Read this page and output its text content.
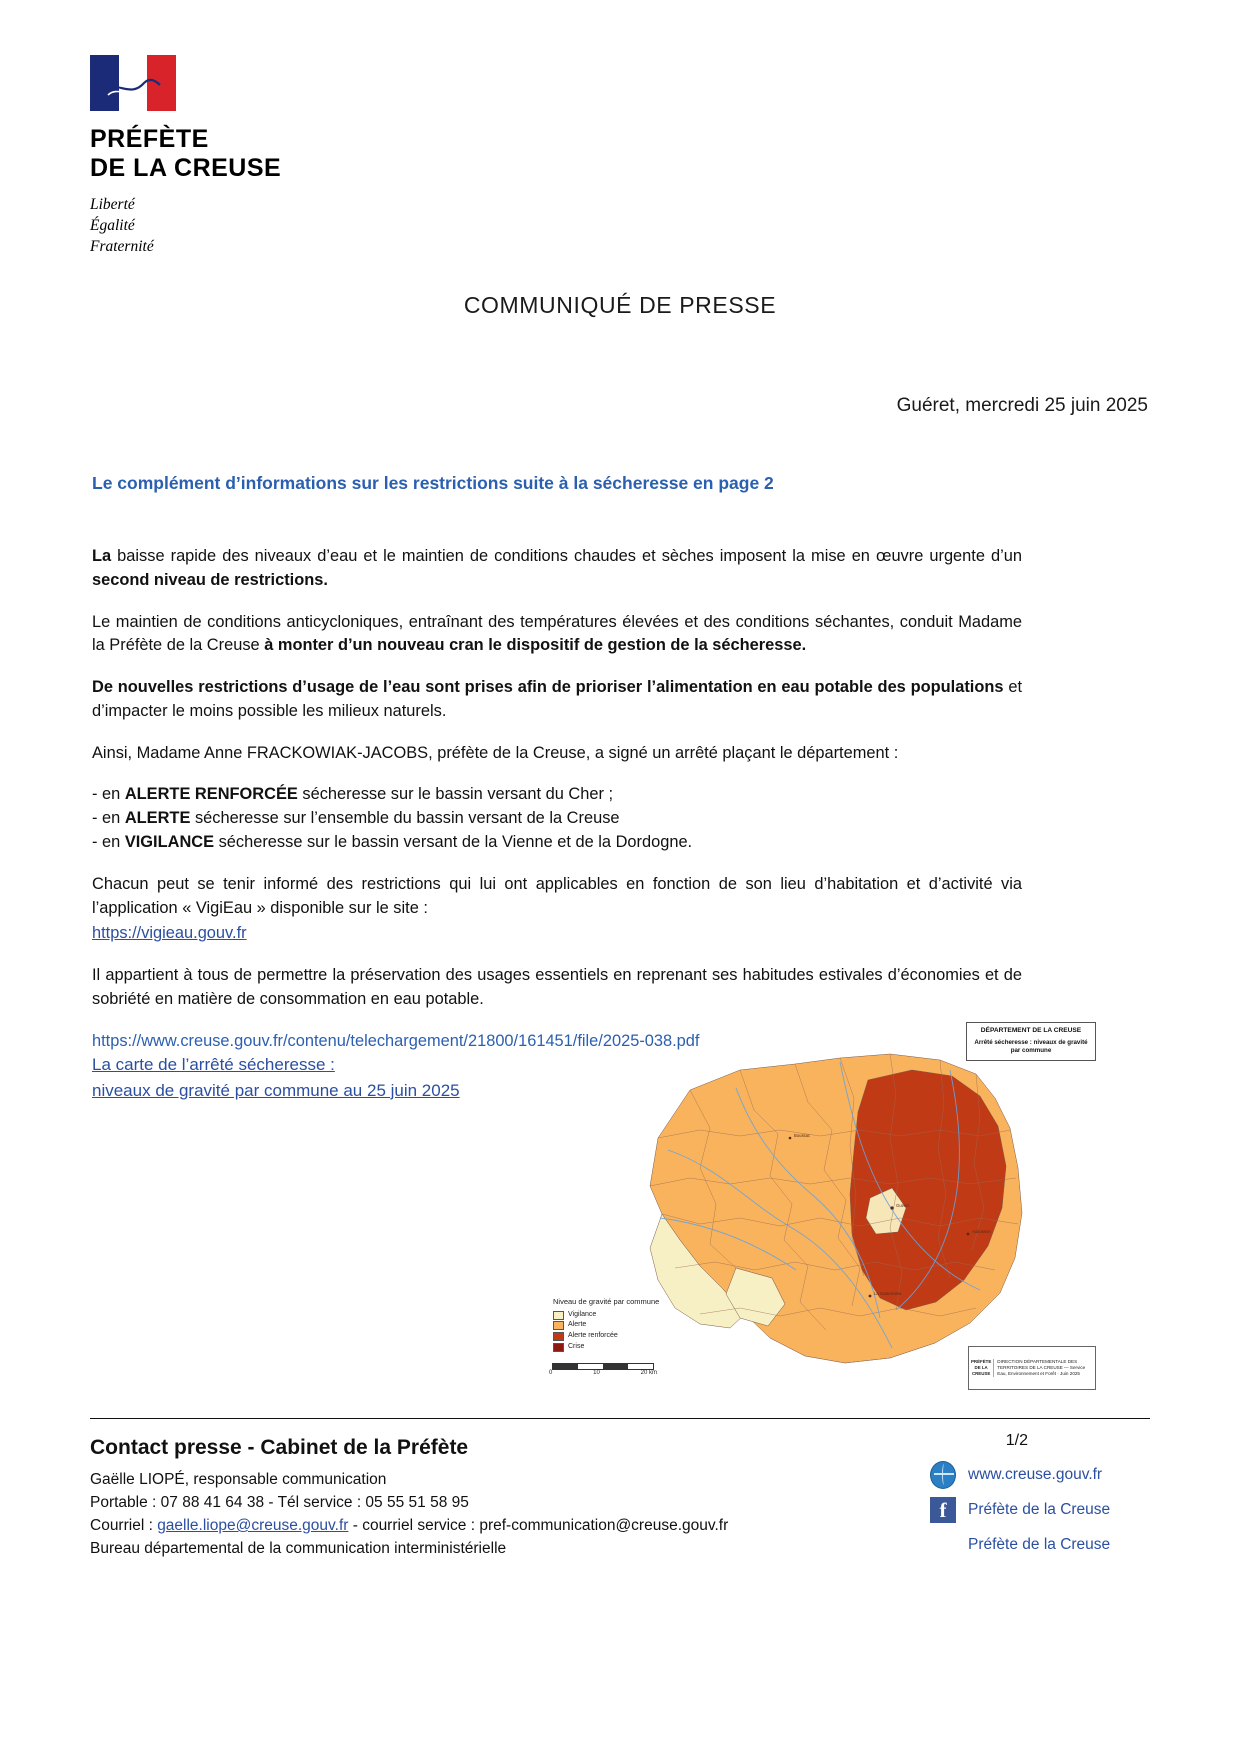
PRÉFÈTE
DE LA CREUSE
Liberté
Égalité
Fraternité
COMMUNIQUÉ DE PRESSE
Guéret, mercredi 25 juin 2025
Le complément d’informations sur les restrictions suite à la sécheresse en page 2

La baisse rapide des niveaux d’eau et le maintien de conditions chaudes et sèches imposent la mise en œuvre urgente d’un second niveau de restrictions.

Le maintien de conditions anticycloniques, entraînant des températures élevées et des conditions séchantes, conduit Madame la Préfète de la Creuse à monter d’un nouveau cran le dispositif de gestion de la sécheresse.

De nouvelles restrictions d’usage de l’eau sont prises afin de prioriser l’alimentation en eau potable des populations et d’impacter le moins possible les milieux naturels.

Ainsi, Madame Anne FRACKOWIAK-JACOBS, préfète de la Creuse, a signé un arrêté plaçant le département :

- en ALERTE RENFORCÉE sécheresse sur le bassin versant du Cher ;

- en ALERTE sécheresse sur l’ensemble du bassin versant de la Creuse

- en VIGILANCE sécheresse sur le bassin versant de la Vienne et de la Dordogne.

Chacun peut se tenir informé des restrictions qui lui ont applicables en fonction de son lieu d’habitation et d’activité via l’application « VigiEau » disponible sur le site :

https://vigieau.gouv.fr

Il appartient à tous de permettre la préservation des usages essentiels en reprenant ses habitudes estivales d’économies et de sobriété en matière de consommation en eau potable.

https://www.creuse.gouv.fr/contenu/telechargement/21800/161451/file/2025-038.pdf

La carte de l’arrêté sécheresse :
niveaux de gravité par commune au 25 juin 2025
Guéret
Aubusson
La Souterraine
Boussac
Niveau de gravité par commune
Vigilance
Alerte
Alerte renforcée
Crise
DÉPARTEMENT DE LA CREUSE
Arrêté sécheresse : niveaux de gravité par commune
0	10	20 km
PRÉFÈTE DE LA CREUSE
DIRECTION DÉPARTEMENTALE DES TERRITOIRES DE LA CREUSE — Service Eau, Environnement et Forêt · Juin 2025
Contact presse - Cabinet de la Préfète
Gaëlle LIOPÉ, responsable communication
Portable : 07 88 41 64 38 - Tél service : 05 55 51 58 95
Courriel : gaelle.liope@creuse.gouv.fr - courriel service : pref-communication@creuse.gouv.fr
Bureau départemental de la communication interministérielle
1/2
www.creuse.gouv.fr
f	Préfète de la Creuse
Préfète de la Creuse
